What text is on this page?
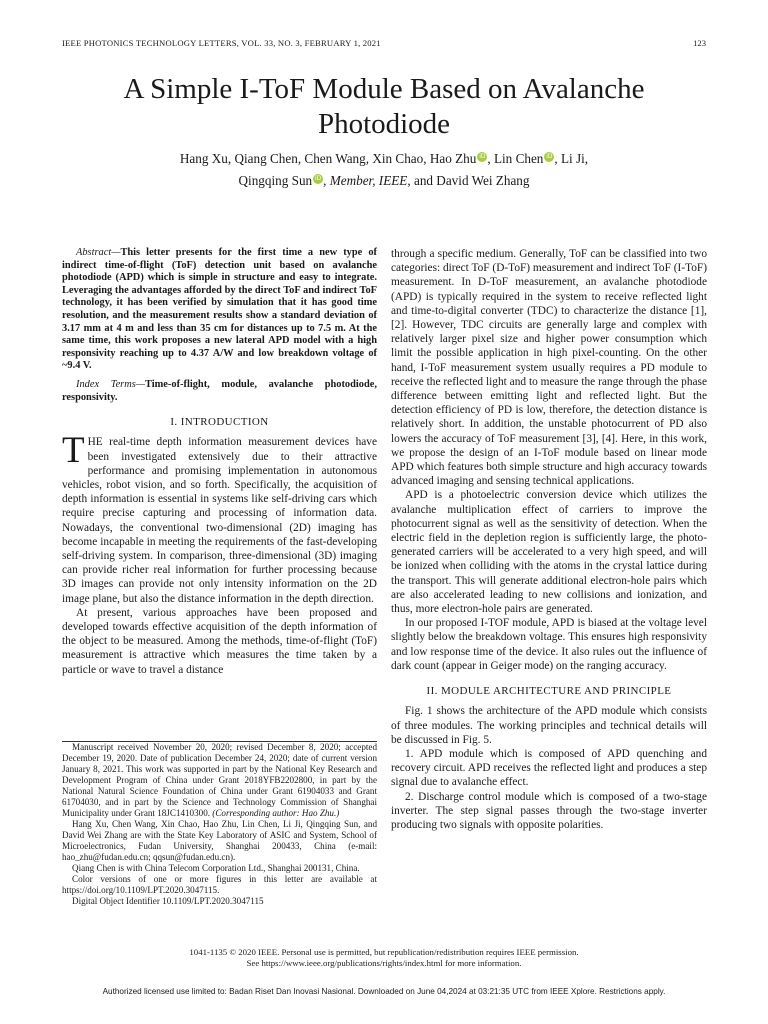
IEEE PHOTONICS TECHNOLOGY LETTERS, VOL. 33, NO. 3, FEBRUARY 1, 2021	123
A Simple I-ToF Module Based on Avalanche Photodiode
Hang Xu, Qiang Chen, Chen Wang, Xin Chao, Hao Zhu iD , Lin Chen iD , Li Ji,
Qingqing Sun iD , Member, IEEE, and David Wei Zhang

Abstract—This letter presents for the first time a new type of indirect time-of-flight (ToF) detection unit based on avalanche photodiode (APD) which is simple in structure and easy to integrate. Leveraging the advantages afforded by the direct ToF and indirect ToF technology, it has been verified by simulation that it has good time resolution, and the measurement results show a standard deviation of 3.17 mm at 4 m and less than 35 cm for distances up to 7.5 m. At the same time, this work proposes a new lateral APD model with a high responsivity reaching up to 4.37 A/W and low breakdown voltage of ~9.4 V.

Index Terms—Time-of-flight, module, avalanche photodiode, responsivity.

I. INTRODUCTION

THE real-time depth information measurement devices have been investigated extensively due to their attractive performance and promising implementation in autonomous vehicles, robot vision, and so forth. Specifically, the acquisition of depth information is essential in systems like self-driving cars which require precise capturing and processing of information data. Nowadays, the conventional two-dimensional (2D) imaging has become incapable in meeting the requirements of the fast-developing self-driving system. In comparison, three-dimensional (3D) imaging can provide richer real information for further processing because 3D images can provide not only intensity information on the 2D image plane, but also the distance information in the depth direction.

At present, various approaches have been proposed and developed towards effective acquisition of the depth information of the object to be measured. Among the methods, time-of-flight (ToF) measurement is attractive which measures the time taken by a particle or wave to travel a distance

Manuscript received November 20, 2020; revised December 8, 2020; accepted December 19, 2020. Date of publication December 24, 2020; date of current version January 8, 2021. This work was supported in part by the National Key Research and Development Program of China under Grant 2018YFB2202800, in part by the National Natural Science Foundation of China under Grant 61904033 and Grant 61704030, and in part by the Science and Technology Commission of Shanghai Municipality under Grant 18JC1410300. (Corresponding author: Hao Zhu.)

Hang Xu, Chen Wang, Xin Chao, Hao Zhu, Lin Chen, Li Ji, Qingqing Sun, and David Wei Zhang are with the State Key Laboratory of ASIC and System, School of Microelectronics, Fudan University, Shanghai 200433, China (e-mail: hao_zhu@fudan.edu.cn; qqsun@fudan.edu.cn).

Qiang Chen is with China Telecom Corporation Ltd., Shanghai 200131, China.

Color versions of one or more figures in this letter are available at https://doi.org/10.1109/LPT.2020.3047115.

Digital Object Identifier 10.1109/LPT.2020.3047115

through a specific medium. Generally, ToF can be classified into two categories: direct ToF (D-ToF) measurement and indirect ToF (I-ToF) measurement. In D-ToF measurement, an avalanche photodiode (APD) is typically required in the system to receive reflected light and time-to-digital converter (TDC) to characterize the distance [1], [2]. However, TDC circuits are generally large and complex with relatively larger pixel size and higher power consumption which limit the possible application in high pixel-counting. On the other hand, I-ToF measurement system usually requires a PD module to receive the reflected light and to measure the range through the phase difference between emitting light and reflected light. But the detection efficiency of PD is low, therefore, the detection distance is relatively short. In addition, the unstable photocurrent of PD also lowers the accuracy of ToF measurement [3], [4]. Here, in this work, we propose the design of an I-ToF module based on linear mode APD which features both simple structure and high accuracy towards advanced imaging and sensing technical applications.

APD is a photoelectric conversion device which utilizes the avalanche multiplication effect of carriers to improve the photocurrent signal as well as the sensitivity of detection. When the electric field in the depletion region is sufficiently large, the photo-generated carriers will be accelerated to a very high speed, and will be ionized when colliding with the atoms in the crystal lattice during the transport. This will generate additional electron-hole pairs which are also accelerated leading to new collisions and ionization, and thus, more electron-hole pairs are generated.

In our proposed I-TOF module, APD is biased at the voltage level slightly below the breakdown voltage. This ensures high responsivity and low response time of the device. It also rules out the influence of dark count (appear in Geiger mode) on the ranging accuracy.

II. MODULE ARCHITECTURE AND PRINCIPLE

Fig. 1 shows the architecture of the APD module which consists of three modules. The working principles and technical details will be discussed in Fig. 5.

1. APD module which is composed of APD quenching and recovery circuit. APD receives the reflected light and produces a step signal due to avalanche effect.

2. Discharge control module which is composed of a two-stage inverter. The step signal passes through the two-stage inverter producing two signals with opposite polarities.

1041-1135 © 2020 IEEE. Personal use is permitted, but republication/redistribution requires IEEE permission.
See https://www.ieee.org/publications/rights/index.html for more information.
Authorized licensed use limited to: Badan Riset Dan Inovasi Nasional. Downloaded on June 04,2024 at 03:21:35 UTC from IEEE Xplore. Restrictions apply.
